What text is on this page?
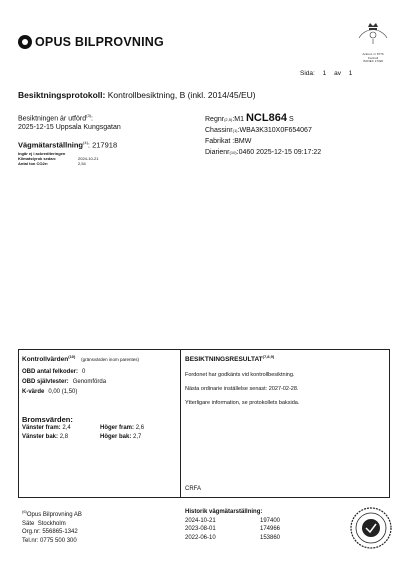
OPUS BILPROVNING
Ackred. nr 8776
Kontroll
ISO/IEC 17020
Sida: 1 av 1
Besiktningsprotokoll: Kontrollbesiktning, B (inkl. 2014/45/EU)
Besiktningen är utförd$^{(3)}$:
2025-12-15 Uppsala Kungsgatan
Vägmätarställning$^{(4)}$: 217918
Ingår ej i ackrediteringen
Klimatstyrok sedan:	2024-10-21
Antal ton CO2e:	2,54
Regnr (2,5) :M1 NCL864 S
Chassinr (1) :WBA3K310X0F654067
Fabrikat
:BMW
Diarienr (10) :0460 2025-12-15 09:17:22
Kontrollvärden$^{(10)}$ (gränsvärden inom parentes)
OBD antal felkoder: 0
OBD självtester: Genomförda
K-värde 0,00 (1,50)
Bromsvärden:
Vänster fram: 2,4	Höger fram: 2,6
Vänster bak: 2,8	Höger bak: 2,7
BESIKTNINGSRESULTAT$^{(7,8,9)}$
Fordonet har godkänts vid kontrollbesiktning.
Nästa ordinarie inställelse senast: 2027-02-28.
Ytterligare information, se protokollets baksida.
CRFA
$^{(6)}$Opus Bilprovning AB
Säte Stockholm
Org.nr: 556865-1342
Tel.nr: 0775 500 300
Historik vägmätarställning:
2024-10-21	197400
2023-08-01	174966
2022-06-10	153860
